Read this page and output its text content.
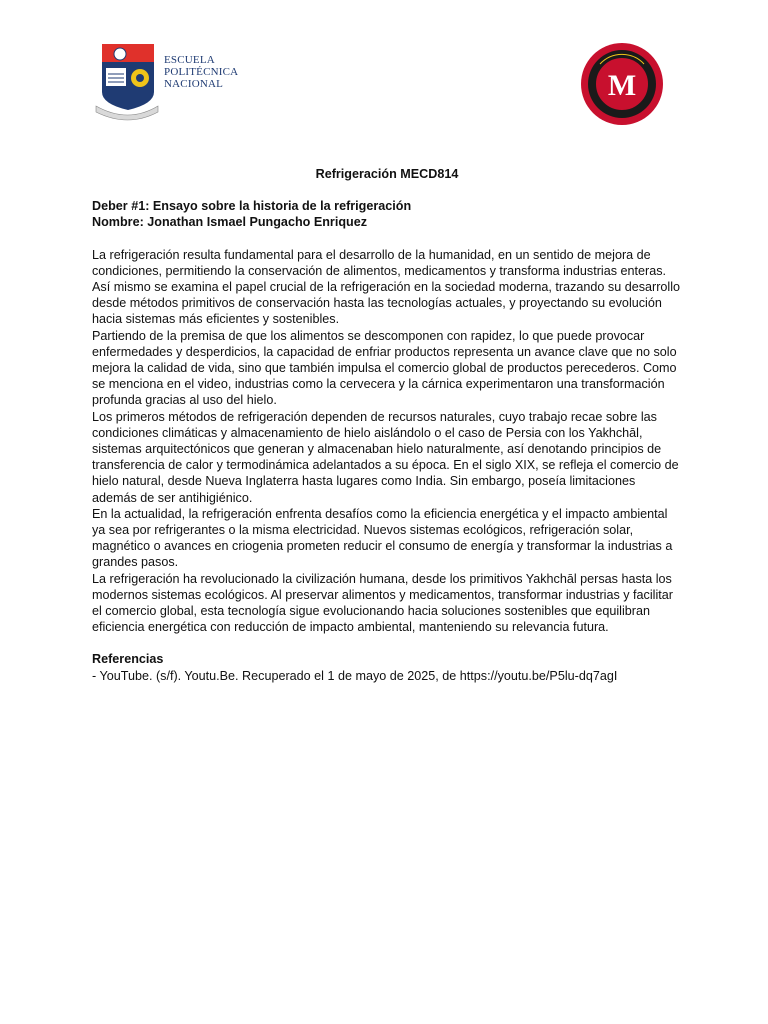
ESCUELA
POLITÉCNICA
NACIONAL	M

Refrigeración MECD814

Deber #1: Ensayo sobre la historia de la refrigeración

Nombre: Jonathan Ismael Pungacho Enriquez

La refrigeración resulta fundamental para el desarrollo de la humanidad, en un sentido de mejora de condiciones, permitiendo la conservación de alimentos, medicamentos y transforma industrias enteras. Así mismo se examina el papel crucial de la refrigeración en la sociedad moderna, trazando su desarrollo desde métodos primitivos de conservación hasta las tecnologías actuales, y proyectando su evolución hacia sistemas más eficientes y sostenibles.

Partiendo de la premisa de que los alimentos se descomponen con rapidez, lo que puede provocar enfermedades y desperdicios, la capacidad de enfriar productos representa un avance clave que no solo mejora la calidad de vida, sino que también impulsa el comercio global de productos perecederos. Como se menciona en el video, industrias como la cervecera y la cárnica experimentaron una transformación profunda gracias al uso del hielo.

Los primeros métodos de refrigeración dependen de recursos naturales, cuyo trabajo recae sobre las condiciones climáticas y almacenamiento de hielo aislándolo o el caso de Persia con los Yakhchāl, sistemas arquitectónicos que generan y almacenaban hielo naturalmente, así denotando principios de transferencia de calor y termodinámica adelantados a su época. En el siglo XIX, se refleja el comercio de hielo natural, desde Nueva Inglaterra hasta lugares como India. Sin embargo, poseía limitaciones además de ser antihigiénico.

En la actualidad, la refrigeración enfrenta desafíos como la eficiencia energética y el impacto ambiental ya sea por refrigerantes o la misma electricidad. Nuevos sistemas ecológicos, refrigeración solar, magnético o avances en criogenia prometen reducir el consumo de energía y transformar la industrias a grandes pasos.

La refrigeración ha revolucionado la civilización humana, desde los primitivos Yakhchāl persas hasta los modernos sistemas ecológicos. Al preservar alimentos y medicamentos, transformar industrias y facilitar el comercio global, esta tecnología sigue evolucionando hacia soluciones sostenibles que equilibran eficiencia energética con reducción de impacto ambiental, manteniendo su relevancia futura.

Referencias

- YouTube. (s/f). Youtu.Be. Recuperado el 1 de mayo de 2025, de https://youtu.be/P5lu-dq7agI
